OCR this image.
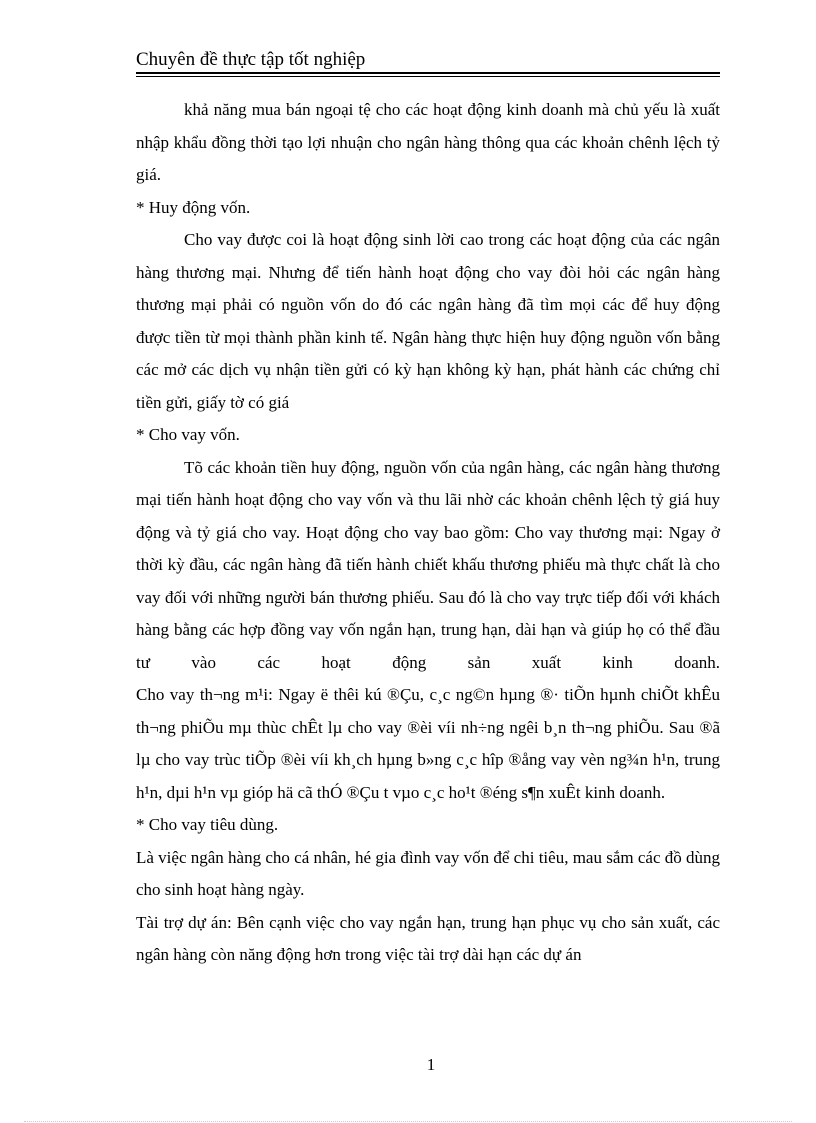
Chuyên đề thực tập tốt nghiệp

khả năng mua bán ngoại tệ cho các hoạt động kinh doanh mà chủ yếu là xuất nhập khẩu đồng thời tạo lợi nhuận cho ngân hàng thông qua các khoản chênh lệch tỷ giá.

* Huy động vốn.

Cho vay được coi là hoạt động sinh lời cao trong các hoạt động của các ngân hàng thương mại. Nhưng để tiến hành hoạt động cho vay đòi hỏi các ngân hàng thương mại phải có nguồn vốn do đó các ngân hàng đã tìm mọi các để huy động được tiền từ mọi thành phần kinh tế. Ngân hàng thực hiện huy động nguồn vốn bằng các mở các dịch vụ nhận tiền gửi có kỳ hạn không kỳ hạn, phát hành các chứng chỉ tiền gửi, giấy tờ có giá

* Cho vay vốn.

Tõ các khoản tiền huy động, nguồn vốn của ngân hàng, các ngân hàng thương mại tiến hành hoạt động cho vay vốn và thu lãi nhờ các khoản chênh lệch tỷ giá huy động và tỷ giá cho vay. Hoạt động cho vay bao gồm: Cho vay thương mại: Ngay ở thời kỳ đầu, các ngân hàng đã tiến hành chiết khấu thương phiếu mà thực chất là cho vay đối với những người bán thương phiếu. Sau đó là cho vay trực tiếp đối với khách hàng bằng các hợp đồng vay vốn ngắn hạn, trung hạn, dài hạn và giúp họ có thể đầu tư vào các hoạt động sản xuất kinh doanh.

Cho vay th¬ng m¹i: Ngay ë thêi kú ®Çu, c¸c ng©n hµng ®· tiÕn hµnh chiÕt khÊu th¬ng phiÕu mµ thùc chÊt lµ cho vay ®èi víi nh÷ng ngêi b¸n th¬ng phiÕu. Sau ®ã lµ cho vay trùc tiÕp ®èi víi kh¸ch hµng b»ng c¸c hîp ®ång vay vèn ng¾n h¹n, trung h¹n, dµi h¹n vµ gióp hä cã thÓ ®Çu t vµo c¸c ho¹t ®éng s¶n xuÊt kinh doanh.

* Cho vay tiêu dùng.

Là việc ngân hàng cho cá nhân, hé gia đình vay vốn để chi tiêu, mau sắm các đồ dùng cho sinh hoạt hàng ngày.

Tài trợ dự án: Bên cạnh việc cho vay ngắn hạn, trung hạn phục vụ cho sản xuất, các ngân hàng còn năng động hơn trong việc tài trợ dài hạn các dự án

1
